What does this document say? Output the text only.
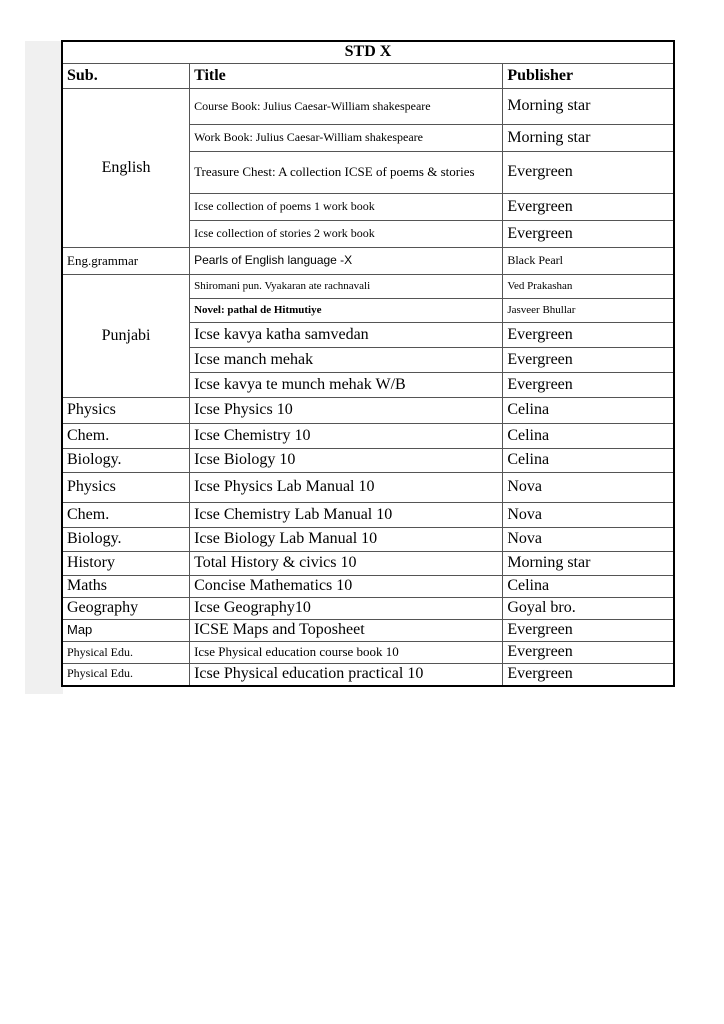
STD X		
Sub.	Title	Publisher
English	Course Book: Julius Caesar-William shakespeare	Morning star
	Work Book: Julius Caesar-William shakespeare	Morning star
	Treasure Chest: A collection ICSE of poems & stories	Evergreen
	Icse collection of poems 1 work book	Evergreen
	Icse collection of stories 2 work book	Evergreen
Eng.grammar	Pearls of English language -X	Black Pearl
Punjabi	Shiromani pun. Vyakaran ate rachnavali	Ved Prakashan
	Novel: pathal de Hitmutiye	Jasveer Bhullar
	Icse kavya katha samvedan	Evergreen
	Icse manch mehak	Evergreen
	Icse kavya te munch mehak W/B	Evergreen
Physics	Icse Physics 10	Celina
Chem.	Icse Chemistry 10	Celina
Biology.	Icse Biology 10	Celina
Physics	Icse Physics Lab Manual 10	Nova
Chem.	Icse Chemistry Lab Manual 10	Nova
Biology.	Icse Biology Lab Manual 10	Nova
History	Total History & civics 10	Morning star
Maths	Concise Mathematics 10	Celina
Geography	Icse Geography10	Goyal bro.
Map	ICSE Maps and Toposheet	Evergreen
Physical Edu.	Icse Physical education course book 10	Evergreen
Physical Edu.	Icse Physical education practical 10	Evergreen
